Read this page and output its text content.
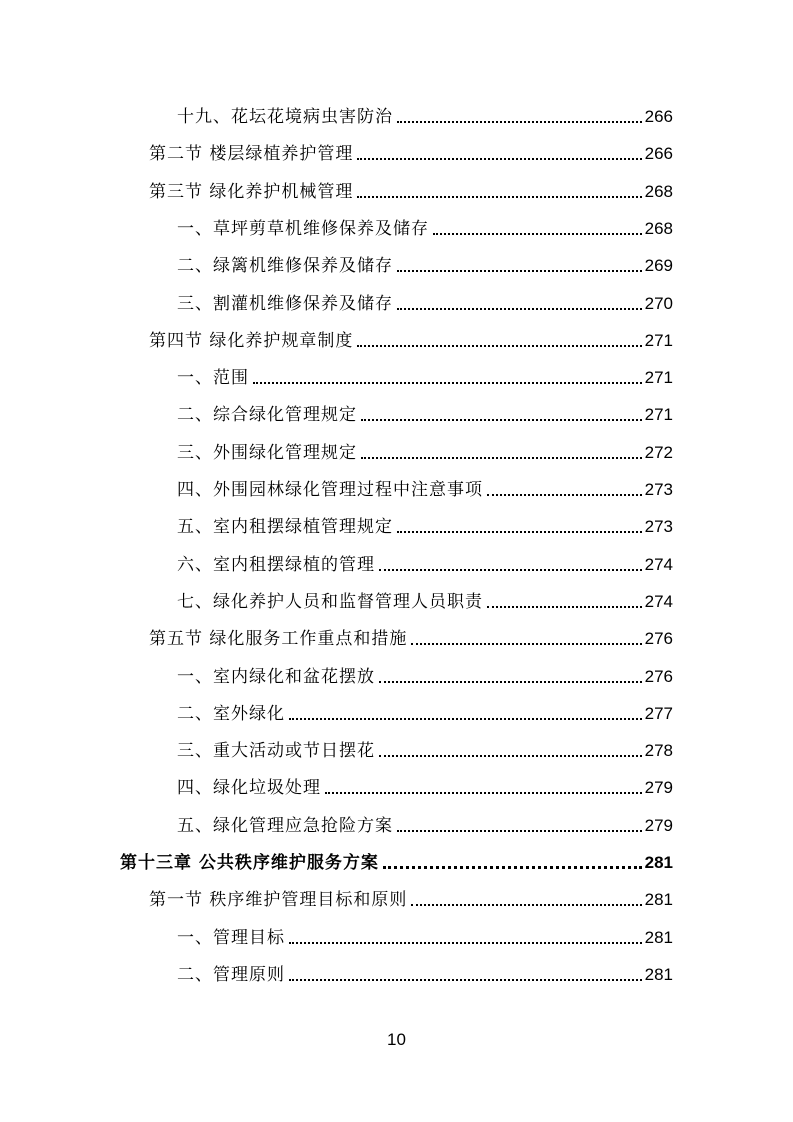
十九、花坛花境病虫害防治	266
第二节 楼层绿植养护管理	266
第三节 绿化养护机械管理	268
一、草坪剪草机维修保养及储存	268
二、绿篱机维修保养及储存	269
三、割灌机维修保养及储存	270
第四节 绿化养护规章制度	271
一、范围	271
二、综合绿化管理规定	271
三、外围绿化管理规定	272
四、外围园林绿化管理过程中注意事项	273
五、室内租摆绿植管理规定	273
六、室内租摆绿植的管理	274
七、绿化养护人员和监督管理人员职责	274
第五节 绿化服务工作重点和措施	276
一、室内绿化和盆花摆放	276
二、室外绿化	277
三、重大活动或节日摆花	278
四、绿化垃圾处理	279
五、绿化管理应急抢险方案	279
第十三章 公共秩序维护服务方案	281
第一节 秩序维护管理目标和原则	281
一、管理目标	281
二、管理原则	281
10
